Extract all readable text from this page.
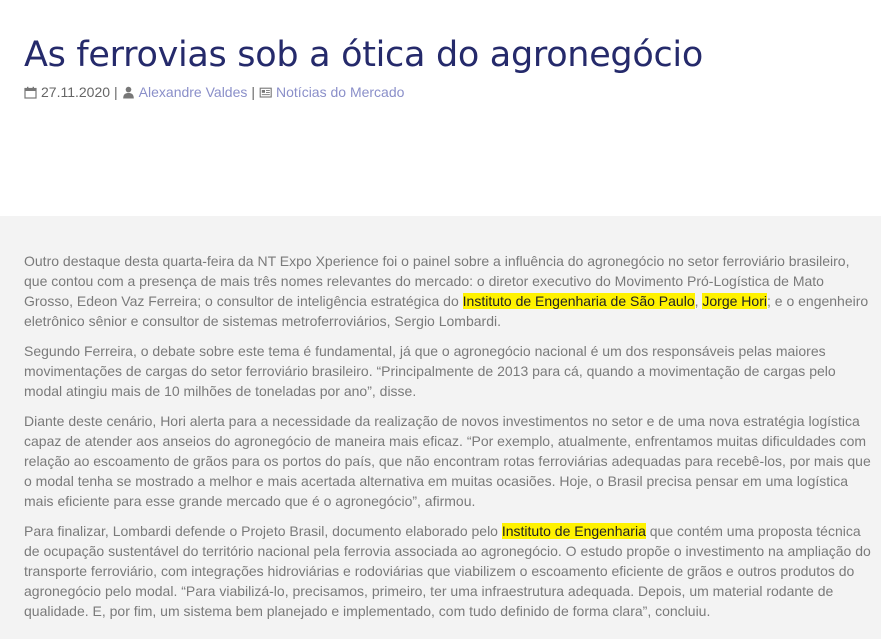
As ferrovias sob a ótica do agronegócio
27.11.2020 | Alexandre Valdes | Notícias do Mercado

Outro destaque desta quarta-feira da NT Expo Xperience foi o painel sobre a influência do agronegócio no setor ferroviário brasileiro, que contou com a presença de mais três nomes relevantes do mercado: o diretor executivo do Movimento Pró-Logística de Mato Grosso, Edeon Vaz Ferreira; o consultor de inteligência estratégica do Instituto de Engenharia de São Paulo, Jorge Hori; e o engenheiro eletrônico sênior e consultor de sistemas metroferroviários, Sergio Lombardi.

Segundo Ferreira, o debate sobre este tema é fundamental, já que o agronegócio nacional é um dos responsáveis pelas maiores movimentações de cargas do setor ferroviário brasileiro. “Principalmente de 2013 para cá, quando a movimentação de cargas pelo modal atingiu mais de 10 milhões de toneladas por ano”, disse.

Diante deste cenário, Hori alerta para a necessidade da realização de novos investimentos no setor e de uma nova estratégia logística capaz de atender aos anseios do agronegócio de maneira mais eficaz. “Por exemplo, atualmente, enfrentamos muitas dificuldades com relação ao escoamento de grãos para os portos do país, que não encontram rotas ferroviárias adequadas para recebê-los, por mais que o modal tenha se mostrado a melhor e mais acertada alternativa em muitas ocasiões. Hoje, o Brasil precisa pensar em uma logística mais eficiente para esse grande mercado que é o agronegócio”, afirmou.

Para finalizar, Lombardi defende o Projeto Brasil, documento elaborado pelo Instituto de Engenharia que contém uma proposta técnica de ocupação sustentável do território nacional pela ferrovia associada ao agronegócio. O estudo propõe o investimento na ampliação do transporte ferroviário, com integrações hidroviárias e rodoviárias que viabilizem o escoamento eficiente de grãos e outros produtos do agronegócio pelo modal. “Para viabilizá-lo, precisamos, primeiro, ter uma infraestrutura adequada. Depois, um material rodante de qualidade. E, por fim, um sistema bem planejado e implementado, com tudo definido de forma clara”, concluiu.
